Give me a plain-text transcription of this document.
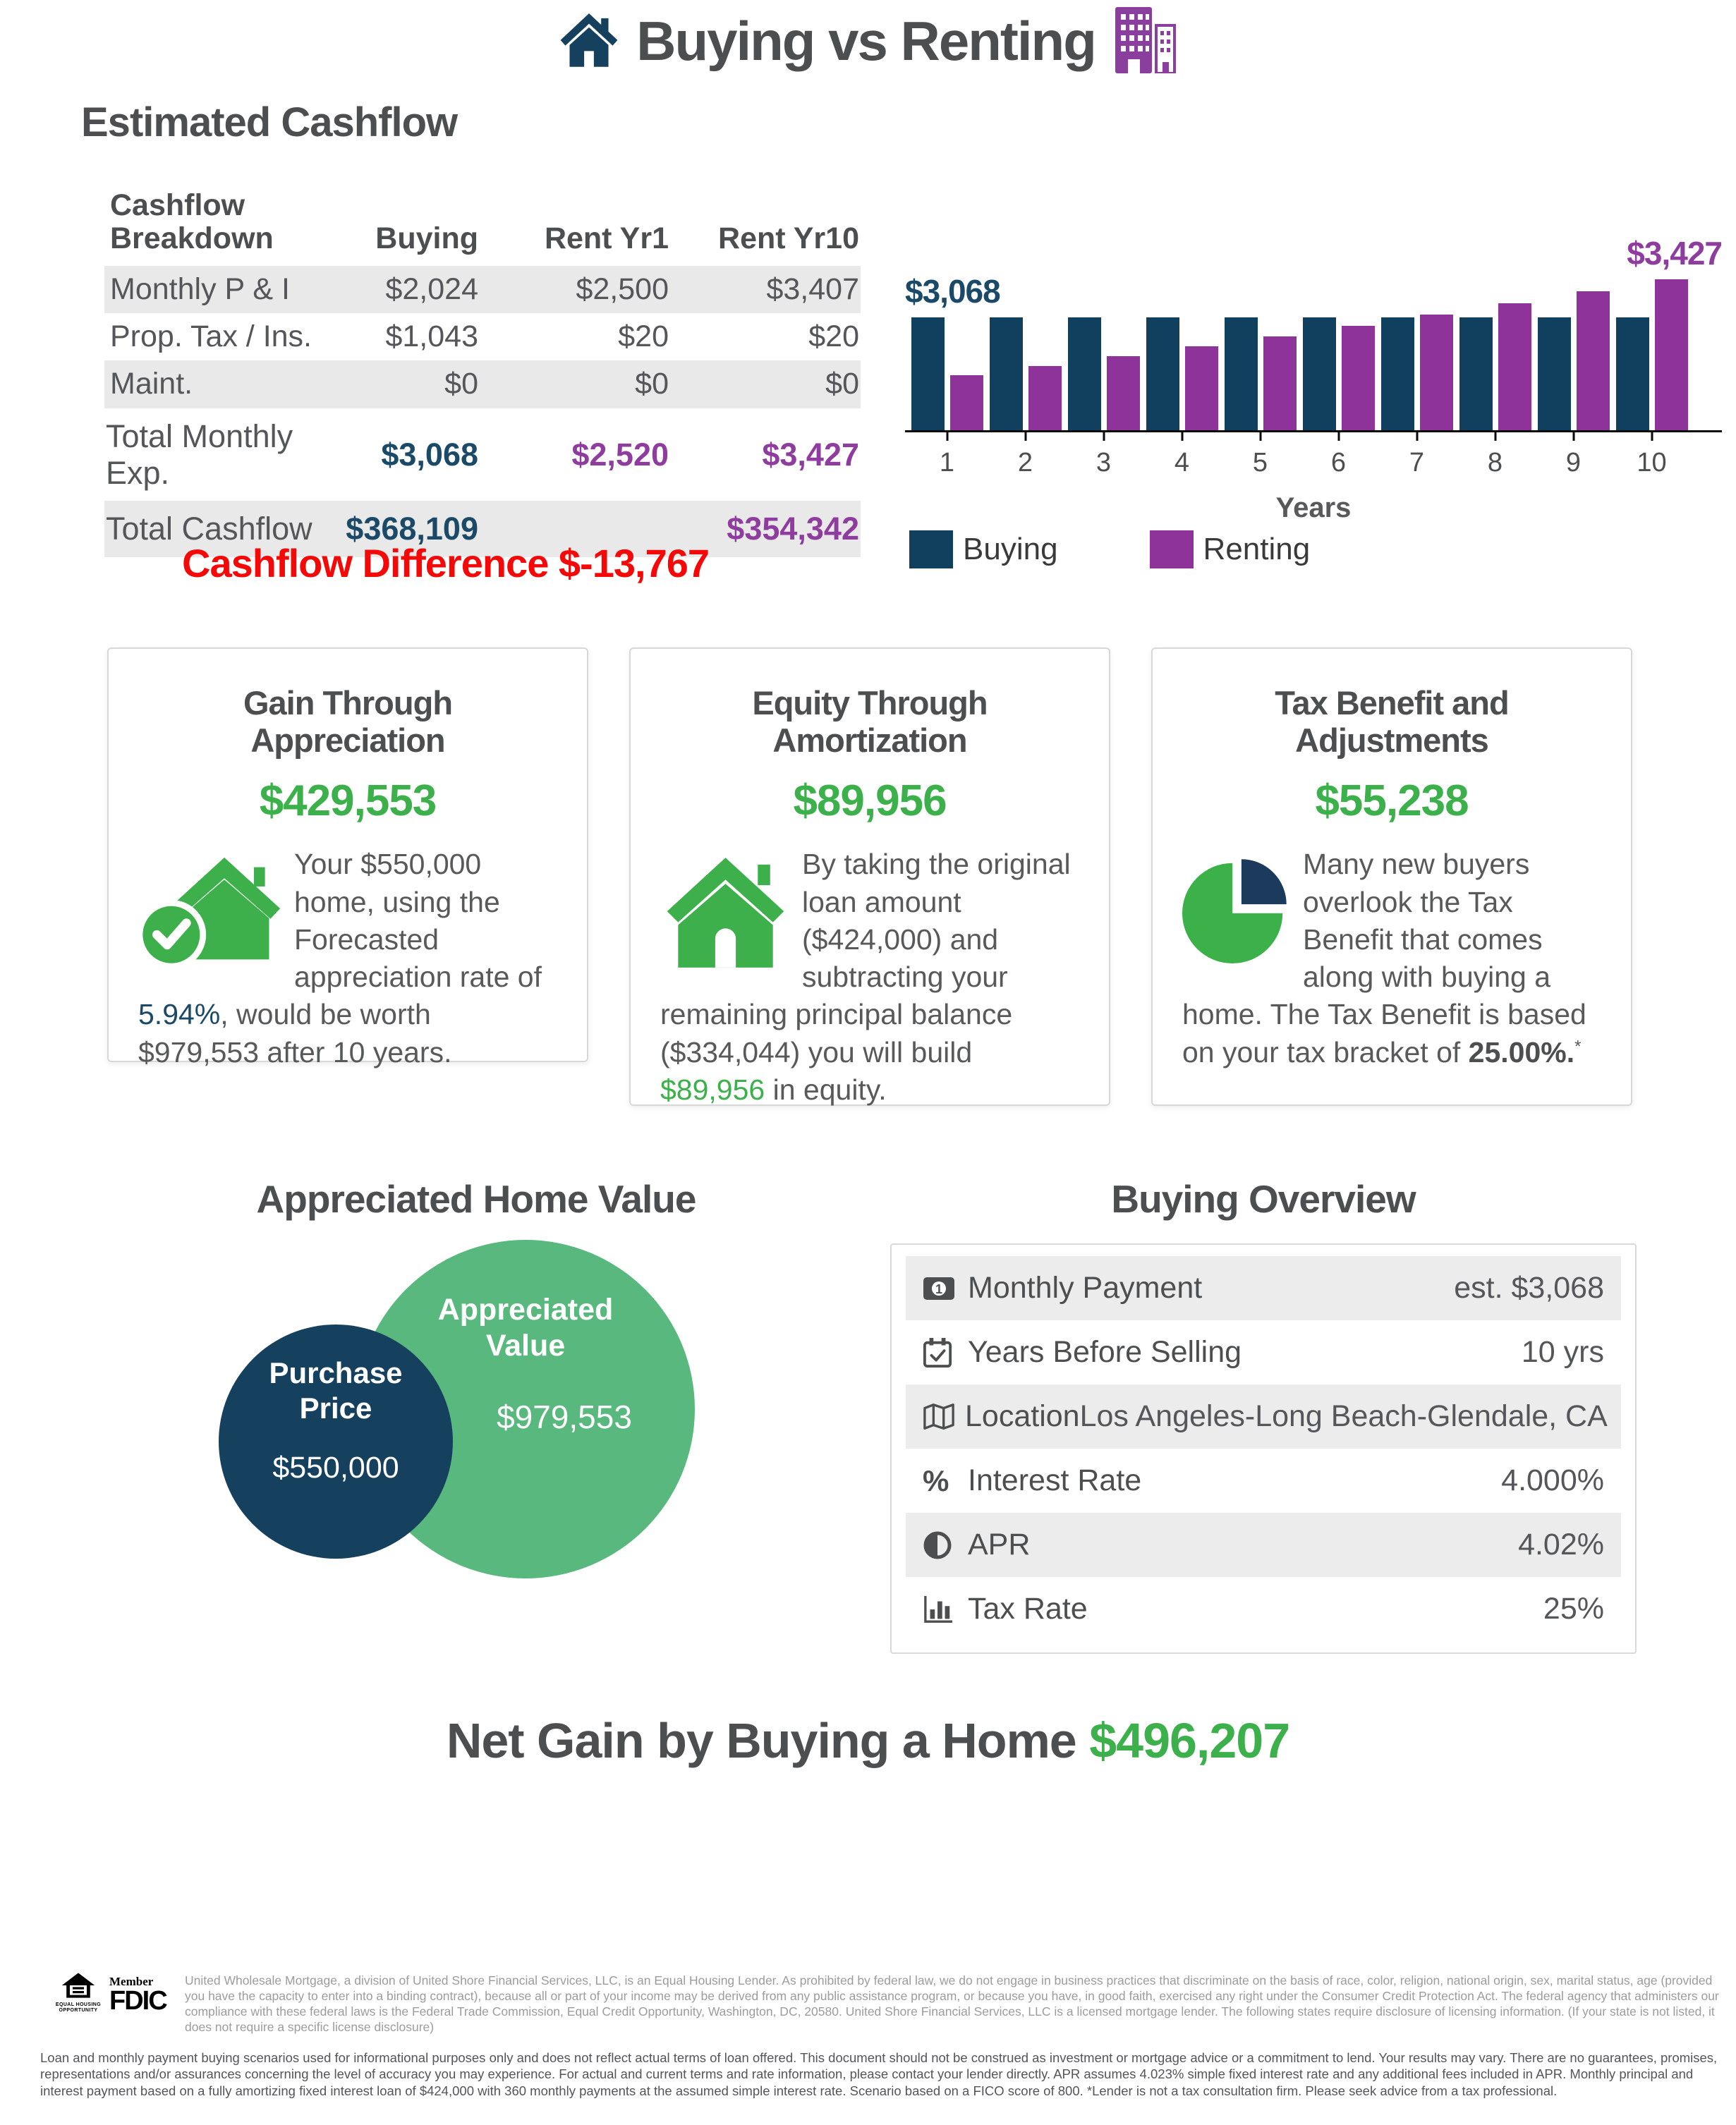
Buying vs Renting
Estimated Cashflow
Cashflow Breakdown	Buying	Rent Yr1	Rent Yr10
Monthly P & I	$2,024	$2,500	$3,407
Prop. Tax / Ins.	$1,043	$20	$20
Maint.	$0	$0	$0
Total Monthly Exp.	$3,068	$2,520	$3,427
Total Cashflow	$368,109		$354,342
Cashflow Difference $-13,767
$3,068
$3,427
1 2 3 4 5 6 7 8 9 10
Years
Buying	Renting
Gain Through Appreciation
$429,553
Your $550,000 home, using the Forecasted appreciation rate of 5.94%, would be worth $979,553 after 10 years.
Equity Through Amortization
$89,956
By taking the original loan amount ($424,000) and subtracting your remaining principal balance ($334,044) you will build $89,956 in equity.
Tax Benefit and Adjustments
$55,238
Many new buyers overlook the Tax Benefit that comes along with buying a home. The Tax Benefit is based on your tax bracket of 25.00%.*
Appreciated Home Value
Appreciated
Value
$979,553
Purchase
Price
$550,000
Buying Overview
1 Monthly Payment	est. $3,068
Years Before Selling	10 yrs
Location Los Angeles-Long Beach-Glendale, CA
% Interest Rate	4.000%
APR	4.02%
Tax Rate	25%
Net Gain by Buying a Home $496,207
EQUAL HOUSING
OPPORTUNITY
Member
FDIC
United Wholesale Mortgage, a division of United Shore Financial Services, LLC, is an Equal Housing Lender. As prohibited by federal law, we do not engage in business practices that discriminate on the basis of race, color, religion, national origin, sex, marital status, age (provided you have the capacity to enter into a binding contract), because all or part of your income may be derived from any public assistance program, or because you have, in good faith, exercised any right under the Consumer Credit Protection Act. The federal agency that administers our compliance with these federal laws is the Federal Trade Commission, Equal Credit Opportunity, Washington, DC, 20580. United Shore Financial Services, LLC is a licensed mortgage lender. The following states require disclosure of licensing information. (If your state is not listed, it does not require a specific license disclosure)
Loan and monthly payment buying scenarios used for informational purposes only and does not reflect actual terms of loan offered. This document should not be construed as investment or mortgage advice or a commitment to lend. Your results may vary. There are no guarantees, promises, representations and/or assurances concerning the level of accuracy you may experience. For actual and current terms and rate information, please contact your lender directly. APR assumes 4.023% simple fixed interest rate and any additional fees included in APR. Monthly principal and interest payment based on a fully amortizing fixed interest loan of $424,000 with 360 monthly payments at the assumed simple interest rate. Scenario based on a FICO score of 800. *Lender is not a tax consultation firm. Please seek advice from a tax professional.
